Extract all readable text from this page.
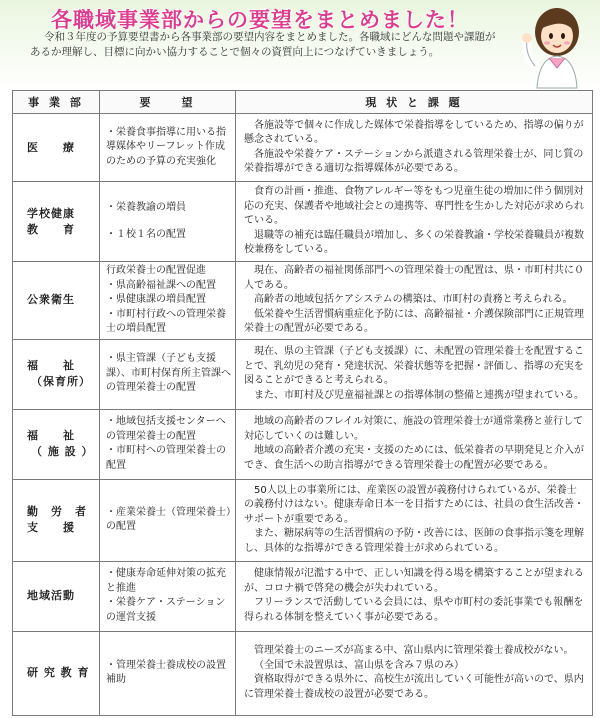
各職域事業部からの要望をまとめました！

令和３年度の予算要望書から各事業部の要望内容をまとめました。各職域にどんな問題や課題が

あるか理解し、目標に向かい協力することで個々の資質向上につなげていきましょう。

事 業 部	要　　望	現 状 と 課 題

医　　療	・栄養食事指導に用いる指導媒体やリーフレット作成のための予算の充実強化	各施設等で個々に作成した媒体で栄養指導をしているため、指導の偏りが懸念されている。
各施設や栄養ケア・ステーションから派遣される管理栄養士が、同じ質の栄養指導ができる適切な指導媒体が必要である。

学校健康
教　　育	・栄養教諭の増員
・１校１名の配置	食育の計画・推進、食物アレルギー等をもつ児童生徒の増加に伴う個別対応の充実、保護者や地域社会との連携等、専門性を生かした対応が求められている。
退職等の補充は臨任職員が増加し、多くの栄養教諭・学校栄養職員が複数校兼務をしている。

公衆衛生	行政栄養士の配置促進
・県高齢福祉課への配置
・県健康課の増員配置
・市町村行政への管理栄養士の増員配置	現在、高齢者の福祉関係部門への管理栄養士の配置は、県・市町村共に０人である。
高齢者の地域包括ケアシステムの構築は、市町村の責務と考えられる。
低栄養や生活習慣病重症化予防には、高齢福祉・介護保険部門に正規管理栄養士の配置が必要である。

福　　祉
（保育所）	・県主管課（子ども支援課）、市町村保育所主管課への管理栄養士の配置	現在、県の主管課（子ども支援課）に、未配置の管理栄養士を配置することで、乳幼児の発育・発達状況、栄養状態等を把握・評価し、指導の充実を図ることができると考えられる。
また、市町村及び児童福祉課との指導体制の整備と連携が望まれている。

福　　祉
（ 施 設 ）	・地域包括支援センターへの管理栄養士の配置
・市町村への管理栄養士の配置	地域の高齢者のフレイル対策に、施設の管理栄養士が通常業務と並行して対応していくのは難しい。
地域の高齢者介護の充実・支援のためには、低栄養者の早期発見と介入ができ、食生活への助言指導ができる管理栄養士の配置が必要である。

勤　労　者
支　　援	・産業栄養士（管理栄養士）の配置	50人以上の事業所には、産業医の設置が義務付けられているが、栄養士の義務付けはない。健康寿命日本一を目指すためには、社員の食生活改善・サポートが重要である。
また、糖尿病等の生活習慣病の予防・改善には、医師の食事指示箋を理解し、具体的な指導ができる管理栄養士が求められている。

地域活動	・健康寿命延伸対策の拡充と推進
・栄養ケア・ステーションの運営支援	健康情報が氾濫する中で、正しい知識を得る場を構築することが望まれるが、コロナ禍で啓発の機会が失われている。
フリーランスで活動している会員には、県や市町村の委託事業でも報酬を得られる体制を整えていく事が必要である。

研 究 教 育	・管理栄養士養成校の設置補助	管理栄養士のニーズが高まる中、富山県内に管理栄養士養成校がない。
（全国で未設置県は、富山県を含み７県のみ）
資格取得ができる県外に、高校生が流出していく可能性が高いので、県内に管理栄養士養成校の設置が必要である。
